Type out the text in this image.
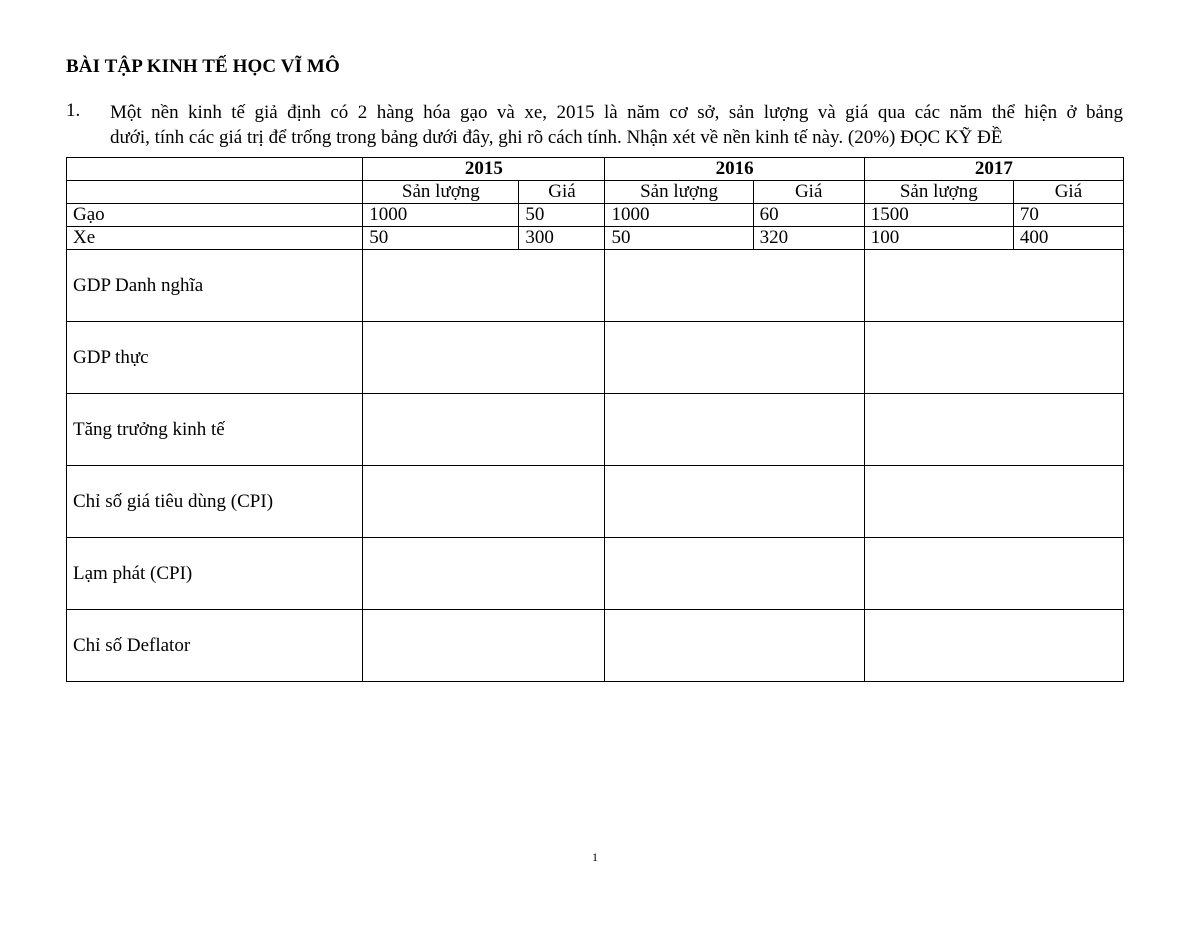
BÀI TẬP KINH TẾ HỌC VĨ MÔ
1. Một nền kinh tế giả định có 2 hàng hóa gạo và xe, 2015 là năm cơ sở, sản lượng và giá qua các năm thể hiện ở bảng
dưới, tính các giá trị để trống trong bảng dưới đây, ghi rõ cách tính. Nhận xét về nền kinh tế này. (20%) ĐỌC KỸ ĐỀ
	2015		2016		2017	
	Sản lượng	Giá	Sản lượng	Giá	Sản lượng	Giá
Gạo	1000	50	1000	60	1500	70
Xe	50	300	50	320	100	400
GDP Danh nghĩa						
GDP thực						
Tăng trưởng kinh tế						
Chỉ số giá tiêu dùng (CPI)						
Lạm phát (CPI)						
Chỉ số Deflator						
1
